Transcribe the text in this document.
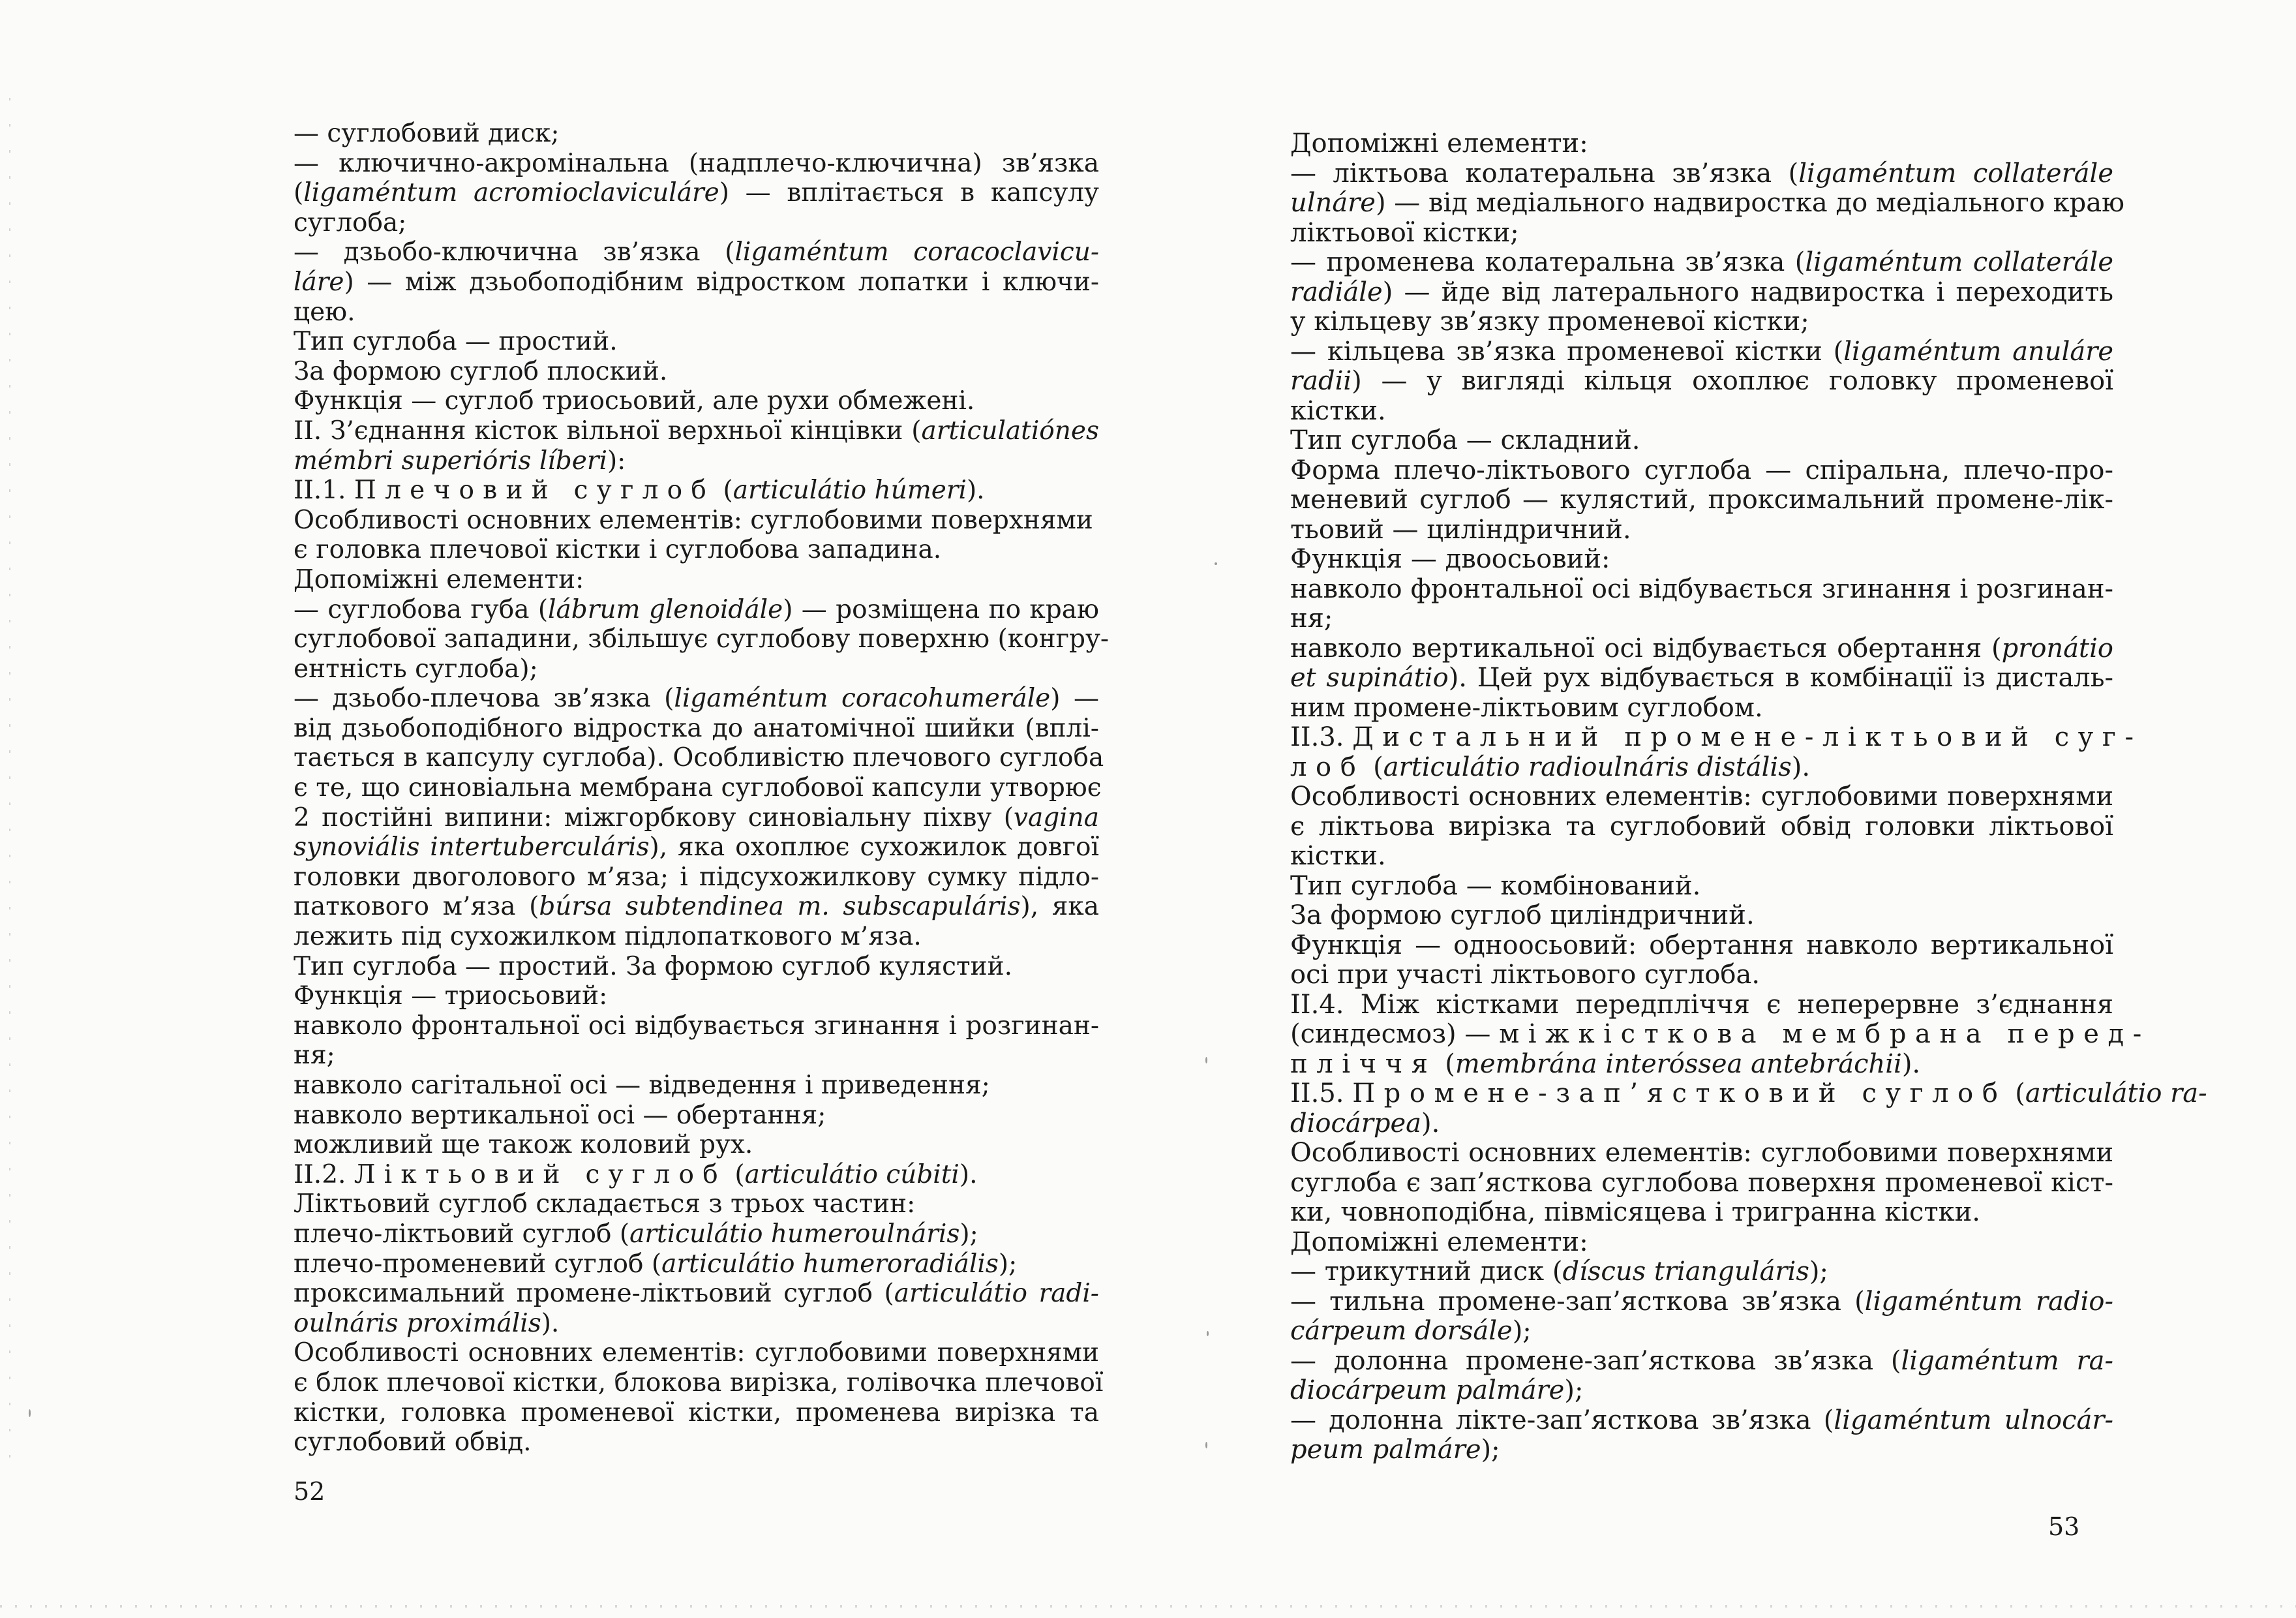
— суглобовий диск;
— ключично-акромінальна (надплечо-ключична) зв’язка
(ligaméntum acromioclaviculáre) — вплітається в капсулу
суглоба;
— дзьобо-ключична зв’язка (ligaméntum coracoclavicu-
láre) — між дзьобоподібним відростком лопатки і ключи-
цею.
Тип суглоба — простий.
За формою суглоб плоский.
Функція — суглоб триосьовий, але рухи обмежені.
II. З’єднання кісток вільної верхньої кінцівки (articulatiónes
mémbri superióris líberi):
II.1. Плечовий суглоб (articulátio húmeri).
Особливості основних елементів: суглобовими поверхнями
є головка плечової кістки і суглобова западина.
Допоміжні елементи:
— суглобова губа (lábrum glenoidále) — розміщена по краю
суглобової западини, збільшує суглобову поверхню (конгру-
ентність суглоба);
— дзьобо-плечова зв’язка (ligaméntum coracohumerále) —
від дзьобоподібного відростка до анатомічної шийки (вплі-
тається в капсулу суглоба). Особливістю плечового суглоба
є те, що синовіальна мембрана суглобової капсули утворює
2 постійні випини: міжгорбкову синовіальну піхву (vagina
synoviális intertuberculáris), яка охоплює сухожилок довгої
головки двоголового м’яза; і підсухожилкову сумку підло-
паткового м’яза (búrsa subtendinea m. subscapuláris), яка
лежить під сухожилком підлопаткового м’яза.
Тип суглоба — простий. За формою суглоб кулястий.
Функція — триосьовий:
навколо фронтальної осі відбувається згинання і розгинан-
ня;
навколо сагітальної осі — відведення і приведення;
навколо вертикальної осі — обертання;
можливий ще також коловий рух.
II.2. Ліктьовий суглоб (articulátio cúbiti).
Ліктьовий суглоб складається з трьох частин:
плечо-ліктьовий суглоб (articulátio humeroulnáris);
плечо-променевий суглоб (articulátio humeroradiális);
проксимальний промене-ліктьовий суглоб (articulátio radi-
oulnáris proximális).
Особливості основних елементів: суглобовими поверхнями
є блок плечової кістки, блокова вирізка, голівочка плечової
кістки, головка променевої кістки, променева вирізка та
суглобовий обвід.
52
Допоміжні елементи:
— ліктьова колатеральна зв’язка (ligaméntum collaterále
ulnáre) — від медіального надвиростка до медіального краю
ліктьової кістки;
— променева колатеральна зв’язка (ligaméntum collaterále
radiále) — йде від латерального надвиростка і переходить
у кільцеву зв’язку променевої кістки;
— кільцева зв’язка променевої кістки (ligaméntum anuláre
radii) — у вигляді кільця охоплює головку променевої
кістки.
Тип суглоба — складний.
Форма плечо-ліктьового суглоба — спіральна, плечо-про-
меневий суглоб — кулястий, проксимальний промене-лік-
тьовий — циліндричний.
Функція — двоосьовий:
навколо фронтальної осі відбувається згинання і розгинан-
ня;
навколо вертикальної осі відбувається обертання (pronátio
et supinátio). Цей рух відбувається в комбінації із дисталь-
ним промене-ліктьовим суглобом.
II.3. Дистальний промене-ліктьовий суг-
лоб (articulátio radioulnáris distális).
Особливості основних елементів: суглобовими поверхнями
є ліктьова вирізка та суглобовий обвід головки ліктьової
кістки.
Тип суглоба — комбінований.
За формою суглоб циліндричний.
Функція — одноосьовий: обертання навколо вертикальної
осі при участі ліктьового суглоба.
II.4. Між кістками передпліччя є неперервне з’єднання
(синдесмоз) — міжкісткова мембрана перед-
пліччя (membrána interóssea antebráchii).
II.5. Промене-зап’ястковий суглоб (articulátio ra-
diocárpea).
Особливості основних елементів: суглобовими поверхнями
суглоба є зап’ясткова суглобова поверхня променевої кіст-
ки, човноподібна, півмісяцева і тригранна кістки.
Допоміжні елементи:
— трикутний диск (díscus trianguláris);
— тильна промене-зап’ясткова зв’язка (ligaméntum radio-
cárpeum dorsále);
— долонна промене-зап’ясткова зв’язка (ligaméntum ra-
diocárpeum palmáre);
— долонна лікте-зап’ясткова зв’язка (ligaméntum ulnocár-
peum palmáre);
53
